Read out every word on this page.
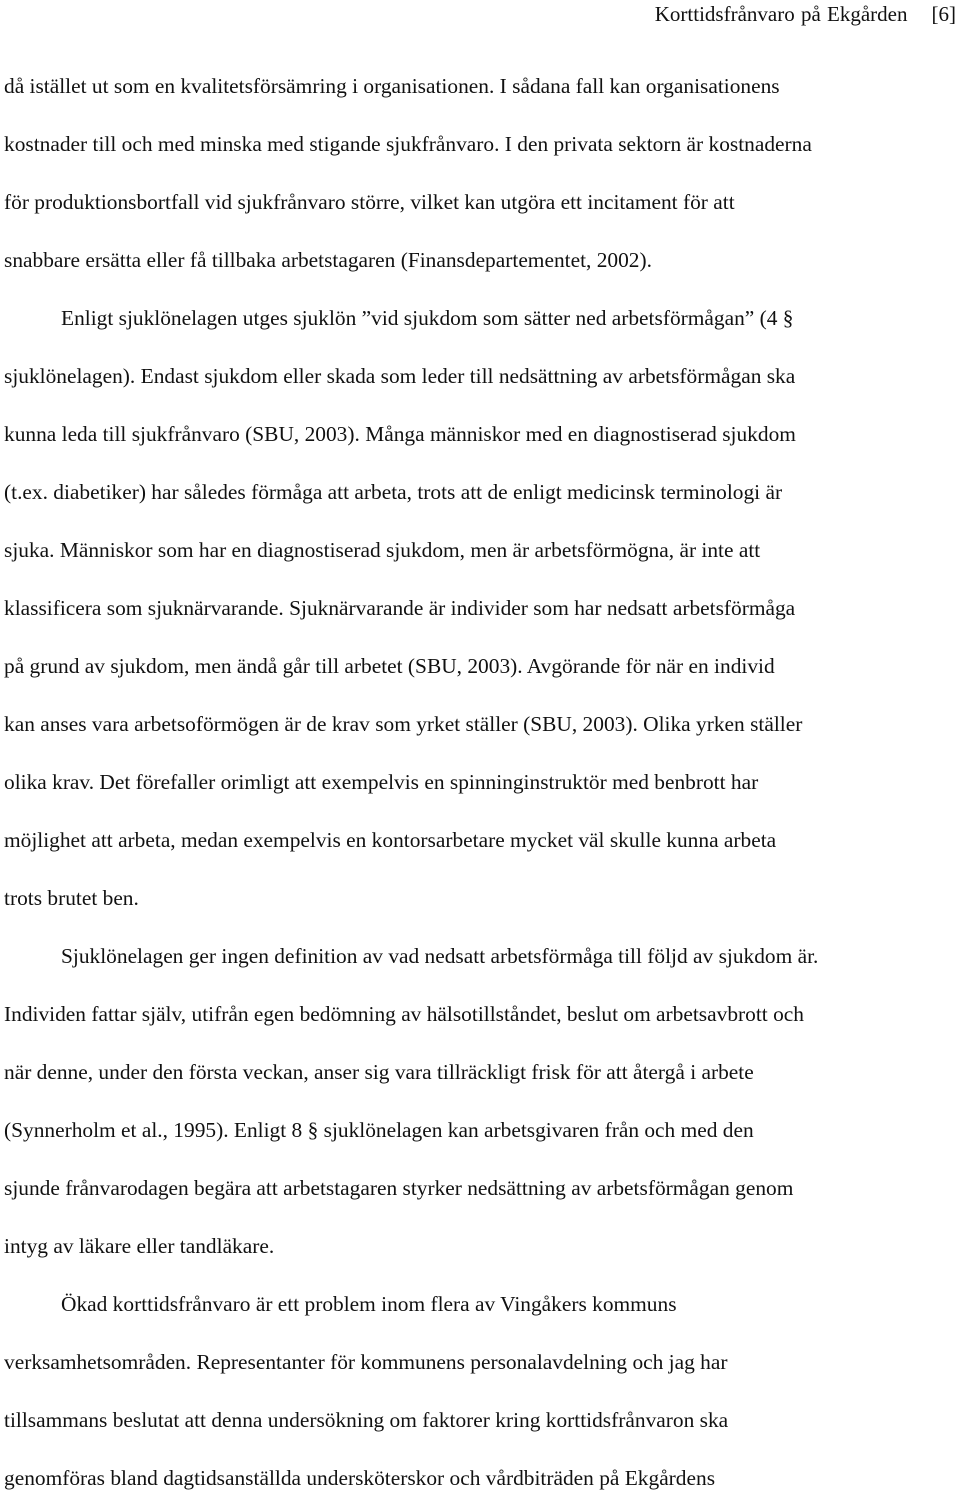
Korttidsfrånvaro på Ekgården [6]
då istället ut som en kvalitetsförsämring i organisationen. I sådana fall kan organisationens
kostnader till och med minska med stigande sjukfrånvaro. I den privata sektorn är kostnaderna
för produktionsbortfall vid sjukfrånvaro större, vilket kan utgöra ett incitament för att
snabbare ersätta eller få tillbaka arbetstagaren (Finansdepartementet, 2002).
Enligt sjuklönelagen utges sjuklön ”vid sjukdom som sätter ned arbetsförmågan” (4 §
sjuklönelagen). Endast sjukdom eller skada som leder till nedsättning av arbetsförmågan ska
kunna leda till sjukfrånvaro (SBU, 2003). Många människor med en diagnostiserad sjukdom
(t.ex. diabetiker) har således förmåga att arbeta, trots att de enligt medicinsk terminologi är
sjuka. Människor som har en diagnostiserad sjukdom, men är arbetsförmögna, är inte att
klassificera som sjuknärvarande. Sjuknärvarande är individer som har nedsatt arbetsförmåga
på grund av sjukdom, men ändå går till arbetet (SBU, 2003). Avgörande för när en individ
kan anses vara arbetsoförmögen är de krav som yrket ställer (SBU, 2003). Olika yrken ställer
olika krav. Det förefaller orimligt att exempelvis en spinninginstruktör med benbrott har
möjlighet att arbeta, medan exempelvis en kontorsarbetare mycket väl skulle kunna arbeta
trots brutet ben.
Sjuklönelagen ger ingen definition av vad nedsatt arbetsförmåga till följd av sjukdom är.
Individen fattar själv, utifrån egen bedömning av hälsotillståndet, beslut om arbetsavbrott och
när denne, under den första veckan, anser sig vara tillräckligt frisk för att återgå i arbete
(Synnerholm et al., 1995). Enligt 8 § sjuklönelagen kan arbetsgivaren från och med den
sjunde frånvarodagen begära att arbetstagaren styrker nedsättning av arbetsförmågan genom
intyg av läkare eller tandläkare.
Ökad korttidsfrånvaro är ett problem inom flera av Vingåkers kommuns
verksamhetsområden. Representanter för kommunens personalavdelning och jag har
tillsammans beslutat att denna undersökning om faktorer kring korttidsfrånvaron ska
genomföras bland dagtidsanställda undersköterskor och vårdbiträden på Ekgårdens
